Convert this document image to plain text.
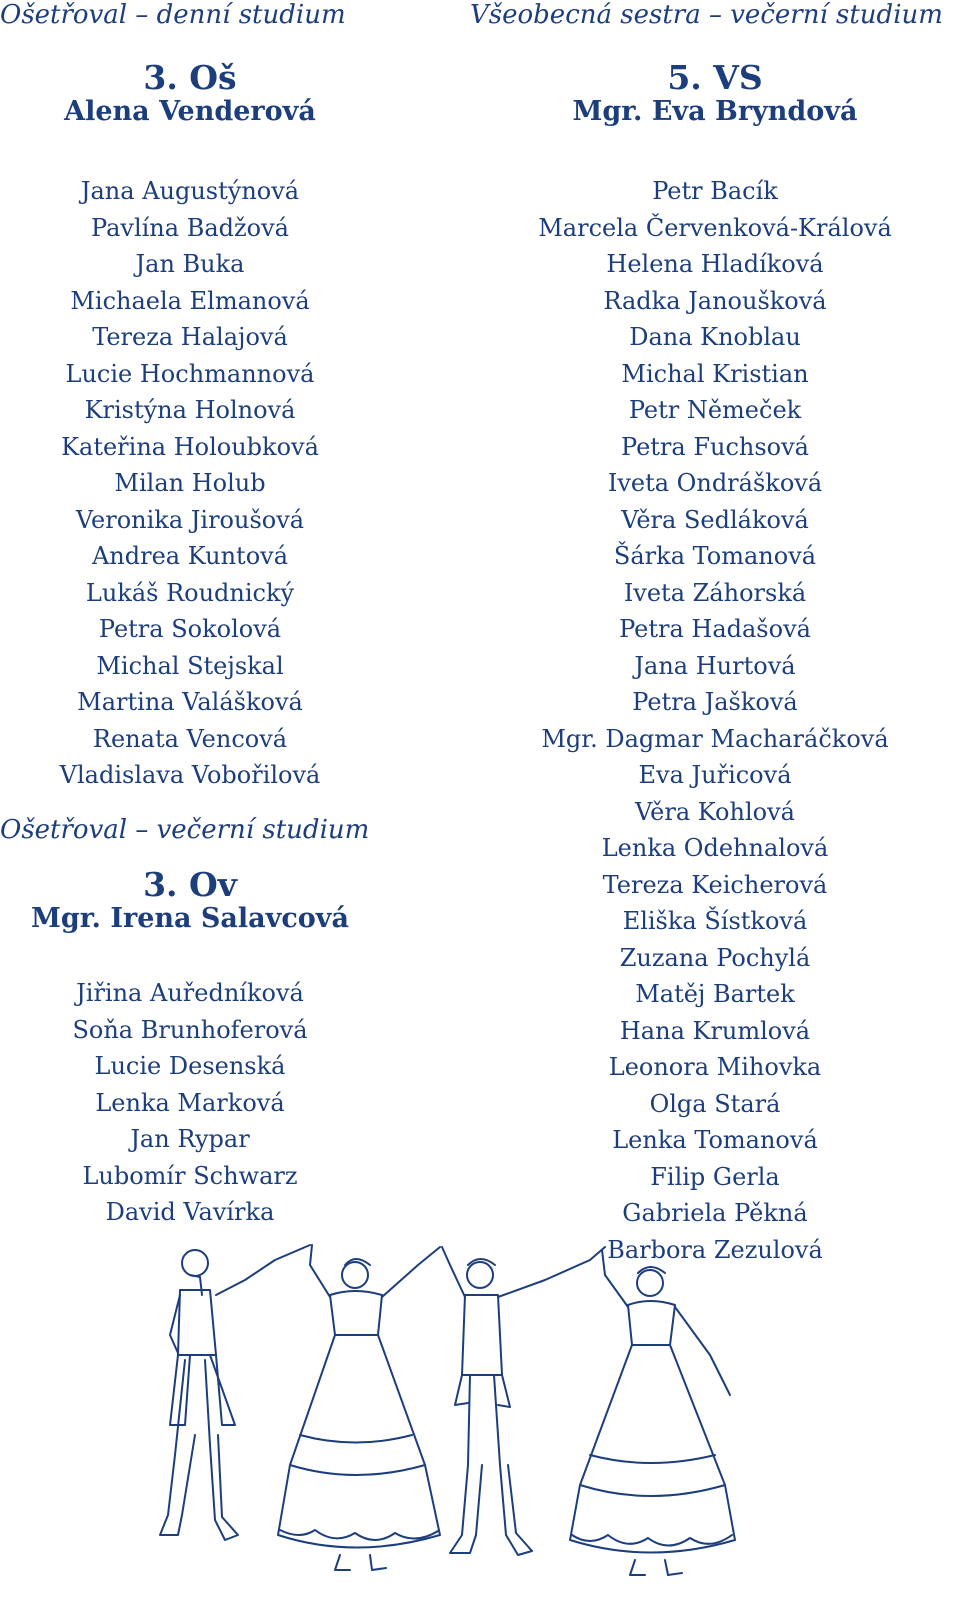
Ošetřoval – denní studium

3. Oš

Alena Venderová

Jana Augustýnová
Pavlína Badžová
Jan Buka
Michaela Elmanová
Tereza Halajová
Lucie Hochmannová
Kristýna Holnová
Kateřina Holoubková
Milan Holub
Veronika Jiroušová
Andrea Kuntová
Lukáš Roudnický
Petra Sokolová
Michal Stejskal
Martina Valášková
Renata Vencová
Vladislava Vobořilová

Ošetřoval – večerní studium

3. Ov

Mgr. Irena Salavcová

Jiřina Auředníková
Soňa Brunhoferová
Lucie Desenská
Lenka Marková
Jan Rypar
Lubomír Schwarz
David Vavírka

Všeobecná sestra – večerní studium

5. VS

Mgr. Eva Bryndová

Petr Bacík
Marcela Červenková-Králová
Helena Hladíková
Radka Janoušková
Dana Knoblau
Michal Kristian
Petr Němeček
Petra Fuchsová
Iveta Ondrášková
Věra Sedláková
Šárka Tomanová
Iveta Záhorská
Petra Hadašová
Jana Hurtová
Petra Jašková
Mgr. Dagmar Macharáčková
Eva Juřicová
Věra Kohlová
Lenka Odehnalová
Tereza Keicherová
Eliška Šístková
Zuzana Pochylá
Matěj Bartek
Hana Krumlová
Leonora Mihovka
Olga Stará
Lenka Tomanová
Filip Gerla
Gabriela Pěkná
Barbora Zezulová
